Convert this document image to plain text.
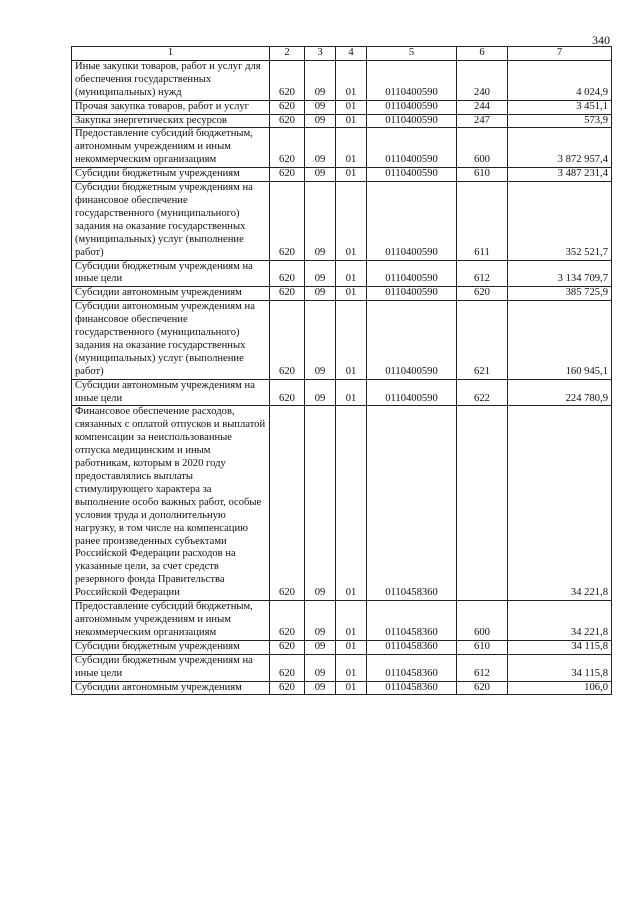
340
1	2	3	4	5	6	7
Иные закупки товаров, работ и услуг для обеспечения государственных (муниципальных) нужд	620	09	01	0110400590	240	4 024,9
Прочая закупка товаров, работ и услуг	620	09	01	0110400590	244	3 451,1
Закупка энергетических ресурсов	620	09	01	0110400590	247	573,9
Предоставление субсидий бюджетным, автономным учреждениям и иным некоммерческим организациям	620	09	01	0110400590	600	3 872 957,4
Субсидии бюджетным учреждениям	620	09	01	0110400590	610	3 487 231,4
Субсидии бюджетным учреждениям на финансовое обеспечение государственного (муниципального) задания на оказание государственных (муниципальных) услуг (выполнение работ)	620	09	01	0110400590	611	352 521,7
Субсидии бюджетным учреждениям на иные цели	620	09	01	0110400590	612	3 134 709,7
Субсидии автономным учреждениям	620	09	01	0110400590	620	385 725,9
Субсидии автономным учреждениям на финансовое обеспечение государственного (муниципального) задания на оказание государственных (муниципальных) услуг (выполнение работ)	620	09	01	0110400590	621	160 945,1
Субсидии автономным учреждениям на иные цели	620	09	01	0110400590	622	224 780,9
Финансовое обеспечение расходов, связанных с оплатой отпусков и выплатой компенсации за неиспользованные отпуска медицинским и иным работникам, которым в 2020 году предоставлялись выплаты стимулирующего характера за выполнение особо важных работ, особые условия труда и дополнительную нагрузку, в том числе на компенсацию ранее произведенных субъектами Российской Федерации расходов на указанные цели, за счет средств резервного фонда Правительства Российской Федерации	620	09	01	0110458360		34 221,8
Предоставление субсидий бюджетным, автономным учреждениям и иным некоммерческим организациям	620	09	01	0110458360	600	34 221,8
Субсидии бюджетным учреждениям	620	09	01	0110458360	610	34 115,8
Субсидии бюджетным учреждениям на иные цели	620	09	01	0110458360	612	34 115,8
Субсидии автономным учреждениям	620	09	01	0110458360	620	106,0
